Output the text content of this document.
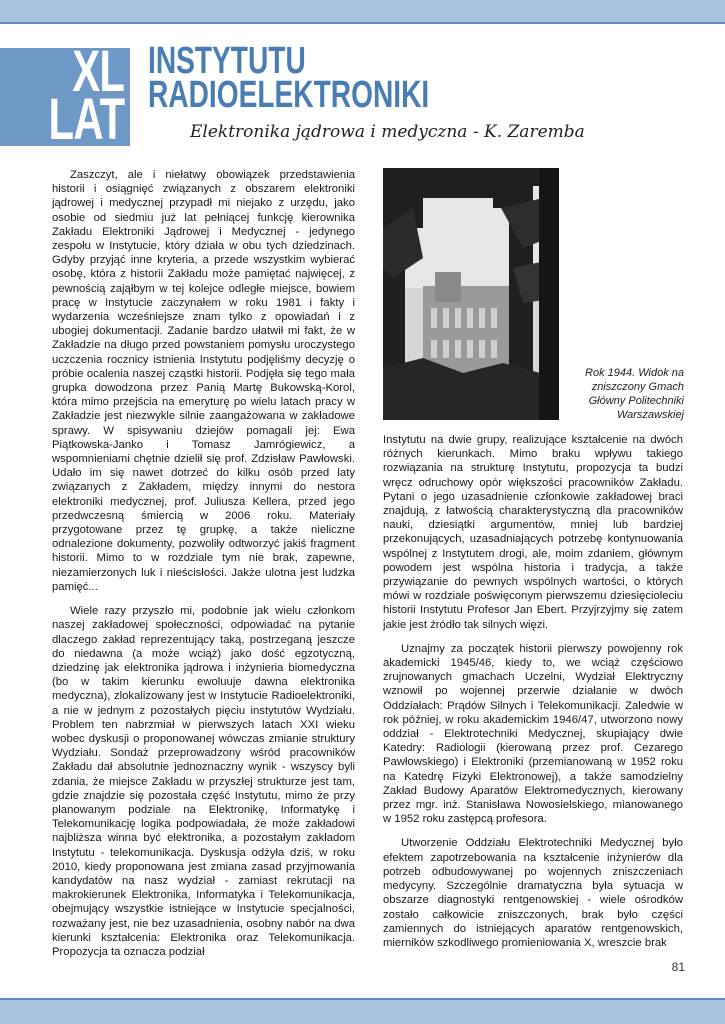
XL
LAT
INSTYTUTU
RADIOELEKTRONIKI
Elektronika jądrowa i medyczna - K. Zaremba

Zaszczyt, ale i niełatwy obowiązek przedstawienia historii i osiągnięć związanych z obszarem elektroniki jądrowej i medycznej przypadł mi niejako z urzędu, jako osobie od siedmiu już lat pełniącej funkcję kierownika Zakładu Elektroniki Jądrowej i Medycznej - jedynego zespołu w Instytucie, który działa w obu tych dziedzinach. Gdyby przyjąć inne kryteria, a przede wszystkim wybierać osobę, która z historii Zakładu może pamiętać najwięcej, z pewnością zająłbym w tej kolejce odległe miejsce, bowiem pracę w Instytucie zaczynałem w roku 1981 i fakty i wydarzenia wcześniejsze znam tylko z opowiadań i z ubogiej dokumentacji. Zadanie bardzo ułatwił mi fakt, że w Zakładzie na długo przed powstaniem pomysłu uroczystego uczczenia rocznicy istnienia Instytutu podjęliśmy decyzję o próbie ocalenia naszej cząstki historii. Podjęła się tego mała grupka dowodzona przez Panią Martę Bukowską-Korol, która mimo przejścia na emeryturę po wielu latach pracy w Zakładzie jest niezwykle silnie zaangażowana w zakładowe sprawy. W spisywaniu dziejów pomagali jej: Ewa Piątkowska-Janko i Tomasz Jamrógiewicz, a wspomnieniami chętnie dzielił się prof. Zdzisław Pawłowski. Udało im się nawet dotrzeć do kilku osób przed laty związanych z Zakładem, między innymi do nestora elektroniki medycznej, prof. Juliusza Kellera, przed jego przedwczesną śmiercią w 2006 roku. Materiały przygotowane przez tę grupkę, a także nieliczne odnalezione dokumenty, pozwoliły odtworzyć jakiś fragment historii. Mimo to w rozdziale tym nie brak, zapewne, niezamierzonych luk i nieścisłości. Jakże ulotna jest ludzka pamięć...

Wiele razy przyszło mi, podobnie jak wielu członkom naszej zakładowej społeczności, odpowiadać na pytanie dlaczego zakład reprezentujący taką, postrzeganą jeszcze do niedawna (a może wciąż) jako dość egzotyczną, dziedzinę jak elektronika jądrowa i inżynieria biomedyczna (bo w takim kierunku ewoluuje dawna elektronika medyczna), zlokalizowany jest w Instytucie Radioelektroniki, a nie w jednym z pozostałych pięciu instytutów Wydziału. Problem ten nabrzmiał w pierwszych latach XXI wieku wobec dyskusji o proponowanej wówczas zmianie struktury Wydziału. Sondaż przeprowadzony wśród pracowników Zakładu dał absolutnie jednoznaczny wynik - wszyscy byli zdania, że miejsce Zakładu w przyszłej strukturze jest tam, gdzie znajdzie się pozostała część Instytutu, mimo że przy planowanym podziale na Elektronikę, Informatykę i Telekomunikację logika podpowiadała, że może zakładowi najbliższa winna być elektronika, a pozostałym zakładom Instytutu - telekomunikacja. Dyskusja odżyła dziś, w roku 2010, kiedy proponowana jest zmiana zasad przyjmowania kandydatów na nasz wydział - zamiast rekrutacji na makrokierunek Elektronika, Informatyka i Telekomunikacja, obejmujący wszystkie istniejące w Instytucie specjalności, rozważany jest, nie bez uzasadnienia, osobny nabór na dwa kierunki kształcenia: Elektronika oraz Telekomunikacja. Propozycja ta oznacza podział

Rok 1944. Widok na zniszczony Gmach Główny Politechniki Warszawskiej

Instytutu na dwie grupy, realizujące kształcenie na dwóch różnych kierunkach. Mimo braku wpływu takiego rozwiązania na strukturę Instytutu, propozycja ta budzi wręcz odruchowy opór większości pracowników Zakładu. Pytani o jego uzasadnienie członkowie zakładowej braci znajdują, z łatwością charakterystyczną dla pracowników nauki, dziesiątki argumentów, mniej lub bardziej przekonujących, uzasadniających potrzebę kontynuowania wspólnej z Instytutem drogi, ale, moim zdaniem, głównym powodem jest wspólna historia i tradycja, a także przywiązanie do pewnych wspólnych wartości, o których mówi w rozdziale poświęconym pierwszemu dziesięcioleciu historii Instytutu Profesor Jan Ebert. Przyjrzyjmy się zatem jakie jest źródło tak silnych więzi.

Uznajmy za początek historii pierwszy powojenny rok akademicki 1945/46, kiedy to, we wciąż częściowo zrujnowanych gmachach Uczelni, Wydział Elektryczny wznowił po wojennej przerwie działanie w dwóch Oddziałach: Prądów Silnych i Telekomunikacji. Zaledwie w rok później, w roku akademickim 1946/47, utworzono nowy oddział - Elektrotechniki Medycznej, skupiający dwie Katedry: Radiologii (kierowaną przez prof. Cezarego Pawłowskiego) i Elektroniki (przemianowaną w 1952 roku na Katedrę Fizyki Elektronowej), a także samodzielny Zakład Budowy Aparatów Elektromedycznych, kierowany przez mgr. inż. Stanisława Nowosielskiego, mianowanego w 1952 roku zastępcą profesora.

Utworzenie Oddziału Elektrotechniki Medycznej było efektem zapotrzebowania na kształcenie inżynierów dla potrzeb odbudowywanej po wojennych zniszczeniach medycyny. Szczególnie dramatyczna była sytuacja w obszarze diagnostyki rentgenowskiej - wiele ośrodków zostało całkowicie zniszczonych, brak było części zamiennych do istniejących aparatów rentgenowskich, mierników szkodliwego promieniowania X, wreszcie brak

81
